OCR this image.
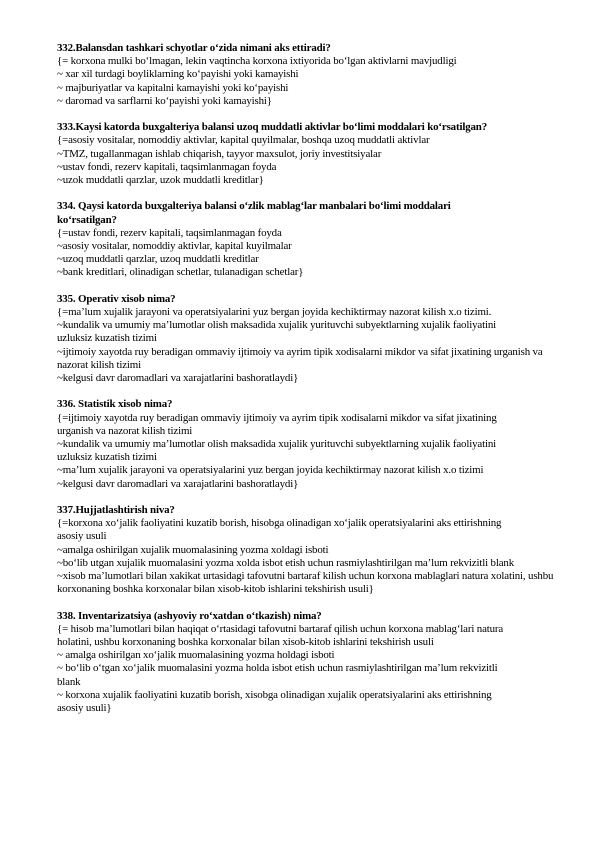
332.Balansdan tashkari schyotlar o‘zida nimani aks ettiradi?
{= korxona mulki bo‘lmagan, lekin vaqtincha korxona ixtiyorida bo‘lgan aktivlarni mavjudligi
~ xar xil turdagi boyliklarning ko‘payishi yoki kamayishi
~ majburiyatlar va kapitalni kamayishi yoki ko‘payishi
~ daromad va sarflarni ko‘payishi yoki kamayishi}
333.Kaysi katorda buxgalteriya balansi uzoq muddatli aktivlar bo‘limi moddalari ko‘rsatilgan?
{=asosiy vositalar, nomoddiy aktivlar, kapital quyilmalar, boshqa uzoq muddatli aktivlar
~TMZ, tugallanmagan ishlab chiqarish, tayyor maxsulot, joriy investitsiyalar
~ustav fondi, rezerv kapitali, taqsimlanmagan foyda
~uzok muddatli qarzlar, uzok muddatli kreditlar}
334. Qaysi katorda buxgalteriya balansi o‘zlik mablag‘lar manbalari bo‘limi moddalari ko‘rsatilgan?
{=ustav fondi, rezerv kapitali, taqsimlanmagan foyda
~asosiy vositalar, nomoddiy aktivlar, kapital kuyilmalar
~uzoq muddatli qarzlar, uzoq muddatli kreditlar
~bank kreditlari, olinadigan schetlar, tulanadigan schetlar}
335. Operativ xisob nima?
{=ma’lum xujalik jarayoni va operatsiyalarini yuz bergan joyida kechiktirmay nazorat kilish x.o tizimi.
~kundalik va umumiy ma’lumotlar olish maksadida xujalik yurituvchi subyektlarning xujalik faoliyatini uzluksiz kuzatish tizimi
~ijtimoiy xayotda ruy beradigan ommaviy ijtimoiy va ayrim tipik xodisalarni mikdor va sifat jixatining urganish va nazorat kilish tizimi
~kelgusi davr daromadlari va xarajatlarini bashoratlaydi}
336. Statistik xisob nima?
{=ijtimoiy xayotda ruy beradigan ommaviy ijtimoiy va ayrim tipik xodisalarni mikdor va sifat jixatining urganish va nazorat kilish tizimi
~kundalik va umumiy ma’lumotlar olish maksadida xujalik yurituvchi subyektlarning xujalik faoliyatini uzluksiz kuzatish tizimi
~ma’lum xujalik jarayoni va operatsiyalarini yuz bergan joyida kechiktirmay nazorat kilish x.o tizimi
~kelgusi davr daromadlari va xarajatlarini bashoratlaydi}
337.Hujjatlashtirish niva?
{=korxona xo‘jalik faoliyatini kuzatib borish, hisobga olinadigan xo‘jalik operatsiyalarini aks ettirishning asosiy usuli
~amalga oshirilgan xujalik muomalasining yozma xoldagi isboti
~bo‘lib utgan xujalik muomalasini yozma xolda isbot etish uchun rasmiylashtirilgan ma’lum rekvizitli blank
~xisob ma’lumotlari bilan xakikat urtasidagi tafovutni bartaraf kilish uchun korxona mablaglari natura xolatini, ushbu korxonaning boshka korxonalar bilan xisob-kitob ishlarini tekshirish usuli}
338. Inventarizatsiya (ashyoviy ro‘xatdan o‘tkazish) nima?
{= hisob ma’lumotlari bilan haqiqat o‘rtasidagi tafovutni bartaraf qilish uchun korxona mablag‘lari natura holatini, ushbu korxonaning boshka korxonalar bilan xisob-kitob ishlarini tekshirish usuli
~ amalga oshirilgan xo‘jalik muomalasining yozma holdagi isboti
~ bo‘lib o‘tgan xo‘jalik muomalasini yozma holda isbot etish uchun rasmiylashtirilgan ma’lum rekvizitli blank
~ korxona xujalik faoliyatini kuzatib borish, xisobga olinadigan xujalik operatsiyalarini aks ettirishning asosiy usuli}
